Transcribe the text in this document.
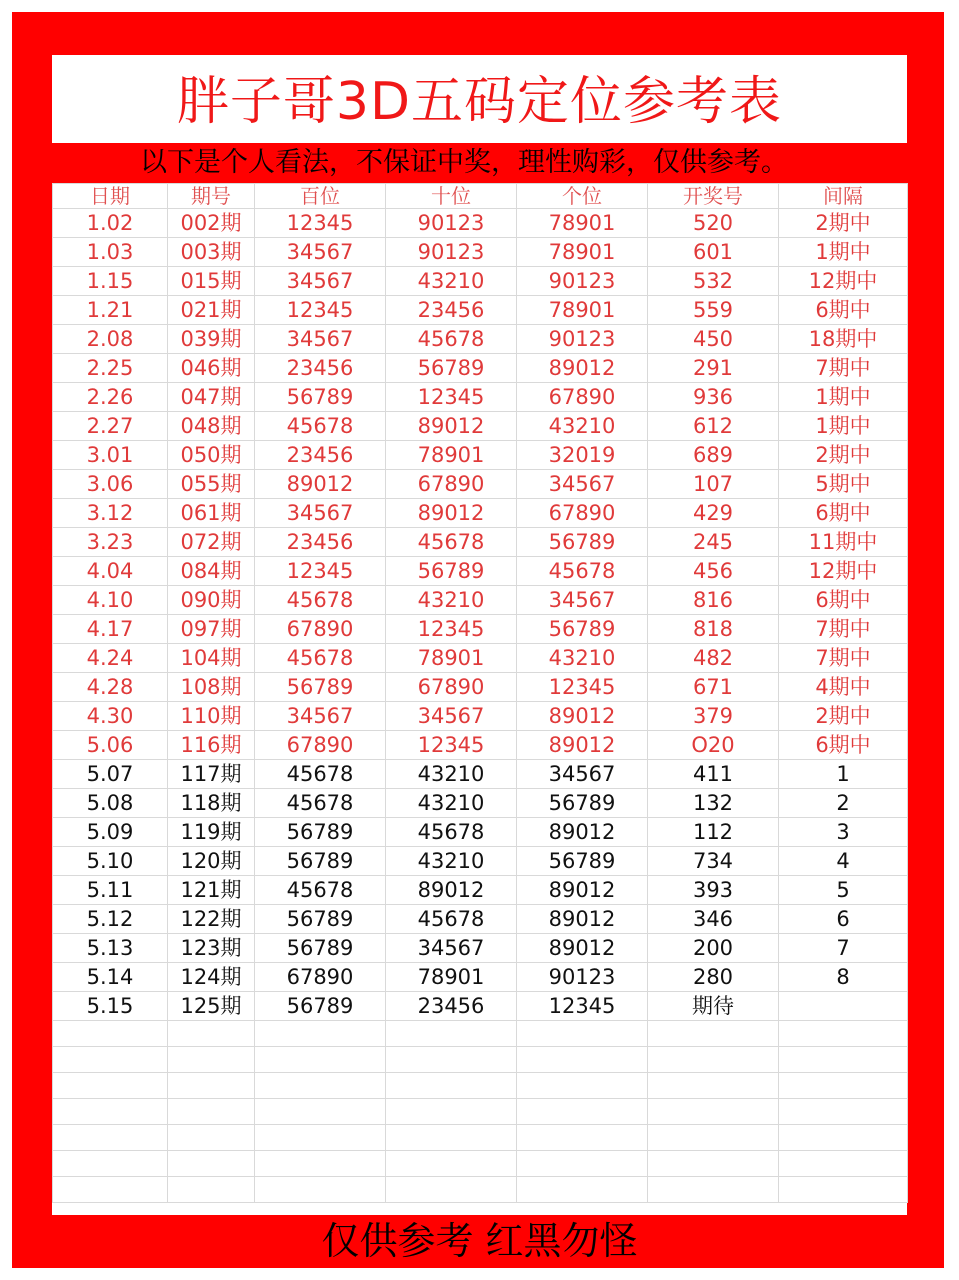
胖子哥3D五码定位参考表
以下是个人看法，不保证中奖，理性购彩，仅供参考。
日期	期号	百位	十位	个位	开奖号	间隔
1.02	002期	12345	90123	78901	520	2期中
1.03	003期	34567	90123	78901	601	1期中
1.15	015期	34567	43210	90123	532	12期中
1.21	021期	12345	23456	78901	559	6期中
2.08	039期	34567	45678	90123	450	18期中
2.25	046期	23456	56789	89012	291	7期中
2.26	047期	56789	12345	67890	936	1期中
2.27	048期	45678	89012	43210	612	1期中
3.01	050期	23456	78901	32019	689	2期中
3.06	055期	89012	67890	34567	107	5期中
3.12	061期	34567	89012	67890	429	6期中
3.23	072期	23456	45678	56789	245	11期中
4.04	084期	12345	56789	45678	456	12期中
4.10	090期	45678	43210	34567	816	6期中
4.17	097期	67890	12345	56789	818	7期中
4.24	104期	45678	78901	43210	482	7期中
4.28	108期	56789	67890	12345	671	4期中
4.30	110期	34567	34567	89012	379	2期中
5.06	116期	67890	12345	89012	O20	6期中
5.07	117期	45678	43210	34567	411	1
5.08	118期	45678	43210	56789	132	2
5.09	119期	56789	45678	89012	112	3
5.10	120期	56789	43210	56789	734	4
5.11	121期	45678	89012	89012	393	5
5.12	122期	56789	45678	89012	346	6
5.13	123期	56789	34567	89012	200	7
5.14	124期	67890	78901	90123	280	8
5.15	125期	56789	23456	12345	期待	

仅供参考 红黑勿怪
